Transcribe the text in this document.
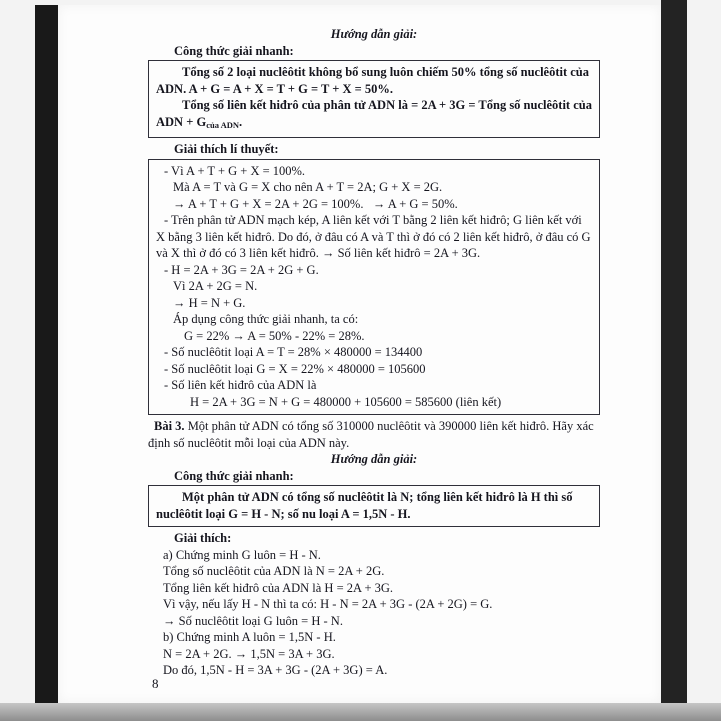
Hướng dẫn giải:

Công thức giải nhanh:

Tổng số 2 loại nuclêôtit không bổ sung luôn chiếm 50% tổng số nuclêôtit của ADN. A + G = A + X = T + G = T + X = 50%.

Tổng số liên kết hiđrô của phân tử ADN là = 2A + 3G = Tổng số nuclêôtit của ADN + Gcủa ADN.

Giải thích lí thuyết:

- Vì A + T + G + X = 100%.

Mà A = T và G = X cho nên A + T = 2A; G + X = 2G.

→ A + T + G + X = 2A + 2G = 100%.   → A + G = 50%.

- Trên phân tử ADN mạch kép, A liên kết với T bằng 2 liên kết hiđrô; G liên kết với X bằng 3 liên kết hiđrô. Do đó, ở đâu có A và T thì ở đó có 2 liên kết hiđrô, ở đâu có G và X thì ở đó có 3 liên kết hiđrô. → Số liên kết hiđrô = 2A + 3G.

- H = 2A + 3G = 2A + 2G + G.

Vì 2A + 2G = N.

→ H = N + G.

Áp dụng công thức giải nhanh, ta có:

G = 22% → A = 50% - 22% = 28%.

- Số nuclêôtit loại A = T = 28% × 480000 = 134400

- Số nuclêôtit loại G = X = 22% × 480000 = 105600

- Số liên kết hiđrô của ADN là

H = 2A + 3G = N + G = 480000 + 105600 = 585600 (liên kết)

Bài 3. Một phân tử ADN có tổng số 310000 nuclêôtit và 390000 liên kết hiđrô. Hãy xác định số nuclêôtit mỗi loại của ADN này.

Hướng dẫn giải:

Công thức giải nhanh:

Một phân tử ADN có tổng số nuclêôtit là N; tổng liên kết hiđrô là H thì số nuclêôtit loại G = H - N; số nu loại A = 1,5N - H.

Giải thích:

a) Chứng minh G luôn = H - N.

Tổng số nuclêôtit của ADN là N = 2A + 2G.

Tổng liên kết hiđrô của ADN là H = 2A + 3G.

Vì vậy, nếu lấy H - N thì ta có: H - N = 2A + 3G - (2A + 2G) = G.

→ Số nuclêôtit loại G luôn = H - N.

b) Chứng minh A luôn = 1,5N - H.

N = 2A + 2G. → 1,5N = 3A + 3G.

Do đó, 1,5N - H = 3A + 3G - (2A + 3G) = A.

8
